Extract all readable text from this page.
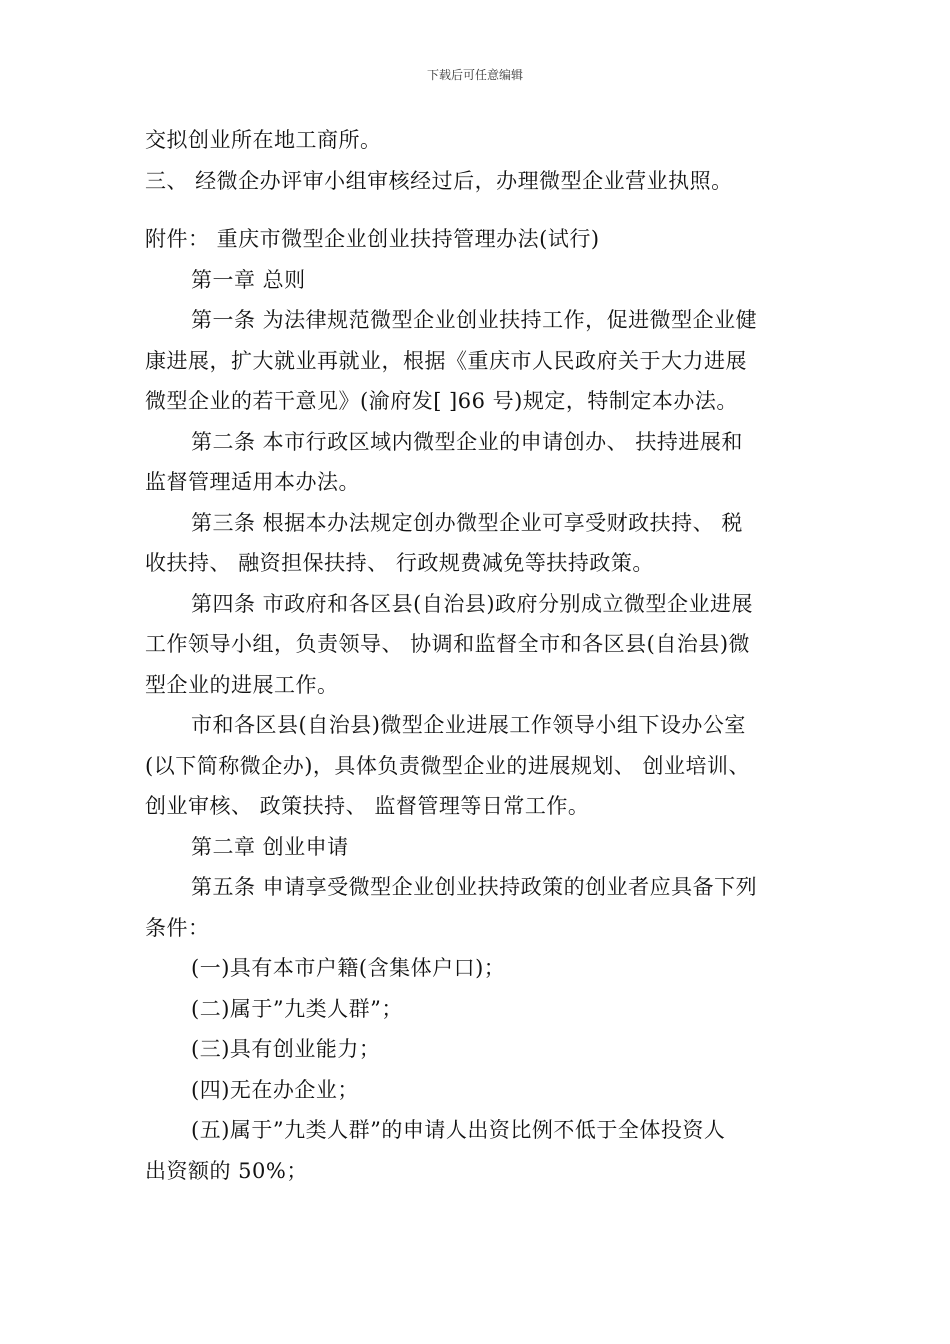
下载后可任意编辑
交拟创业所在地工商所。
三、 经微企办评审小组审核经过后，办理微型企业营业执照。
附件： 重庆市微型企业创业扶持管理办法(试行)
第一章 总则
第一条 为法律规范微型企业创业扶持工作，促进微型企业健
康进展，扩大就业再就业，根据《重庆市人民政府关于大力进展
微型企业的若干意见》(渝府发[ ]66 号)规定，特制定本办法。
第二条 本市行政区域内微型企业的申请创办、 扶持进展和
监督管理适用本办法。
第三条 根据本办法规定创办微型企业可享受财政扶持、 税
收扶持、 融资担保扶持、 行政规费减免等扶持政策。
第四条 市政府和各区县(自治县)政府分别成立微型企业进展
工作领导小组，负责领导、 协调和监督全市和各区县(自治县)微
型企业的进展工作。
市和各区县(自治县)微型企业进展工作领导小组下设办公室
(以下简称微企办)，具体负责微型企业的进展规划、 创业培训、
创业审核、 政策扶持、 监督管理等日常工作。
第二章 创业申请
第五条 申请享受微型企业创业扶持政策的创业者应具备下列
条件：
(一)具有本市户籍(含集体户口)；
(二)属于”九类人群”；
(三)具有创业能力；
(四)无在办企业；
(五)属于”九类人群”的申请人出资比例不低于全体投资人
出资额的 50%；
